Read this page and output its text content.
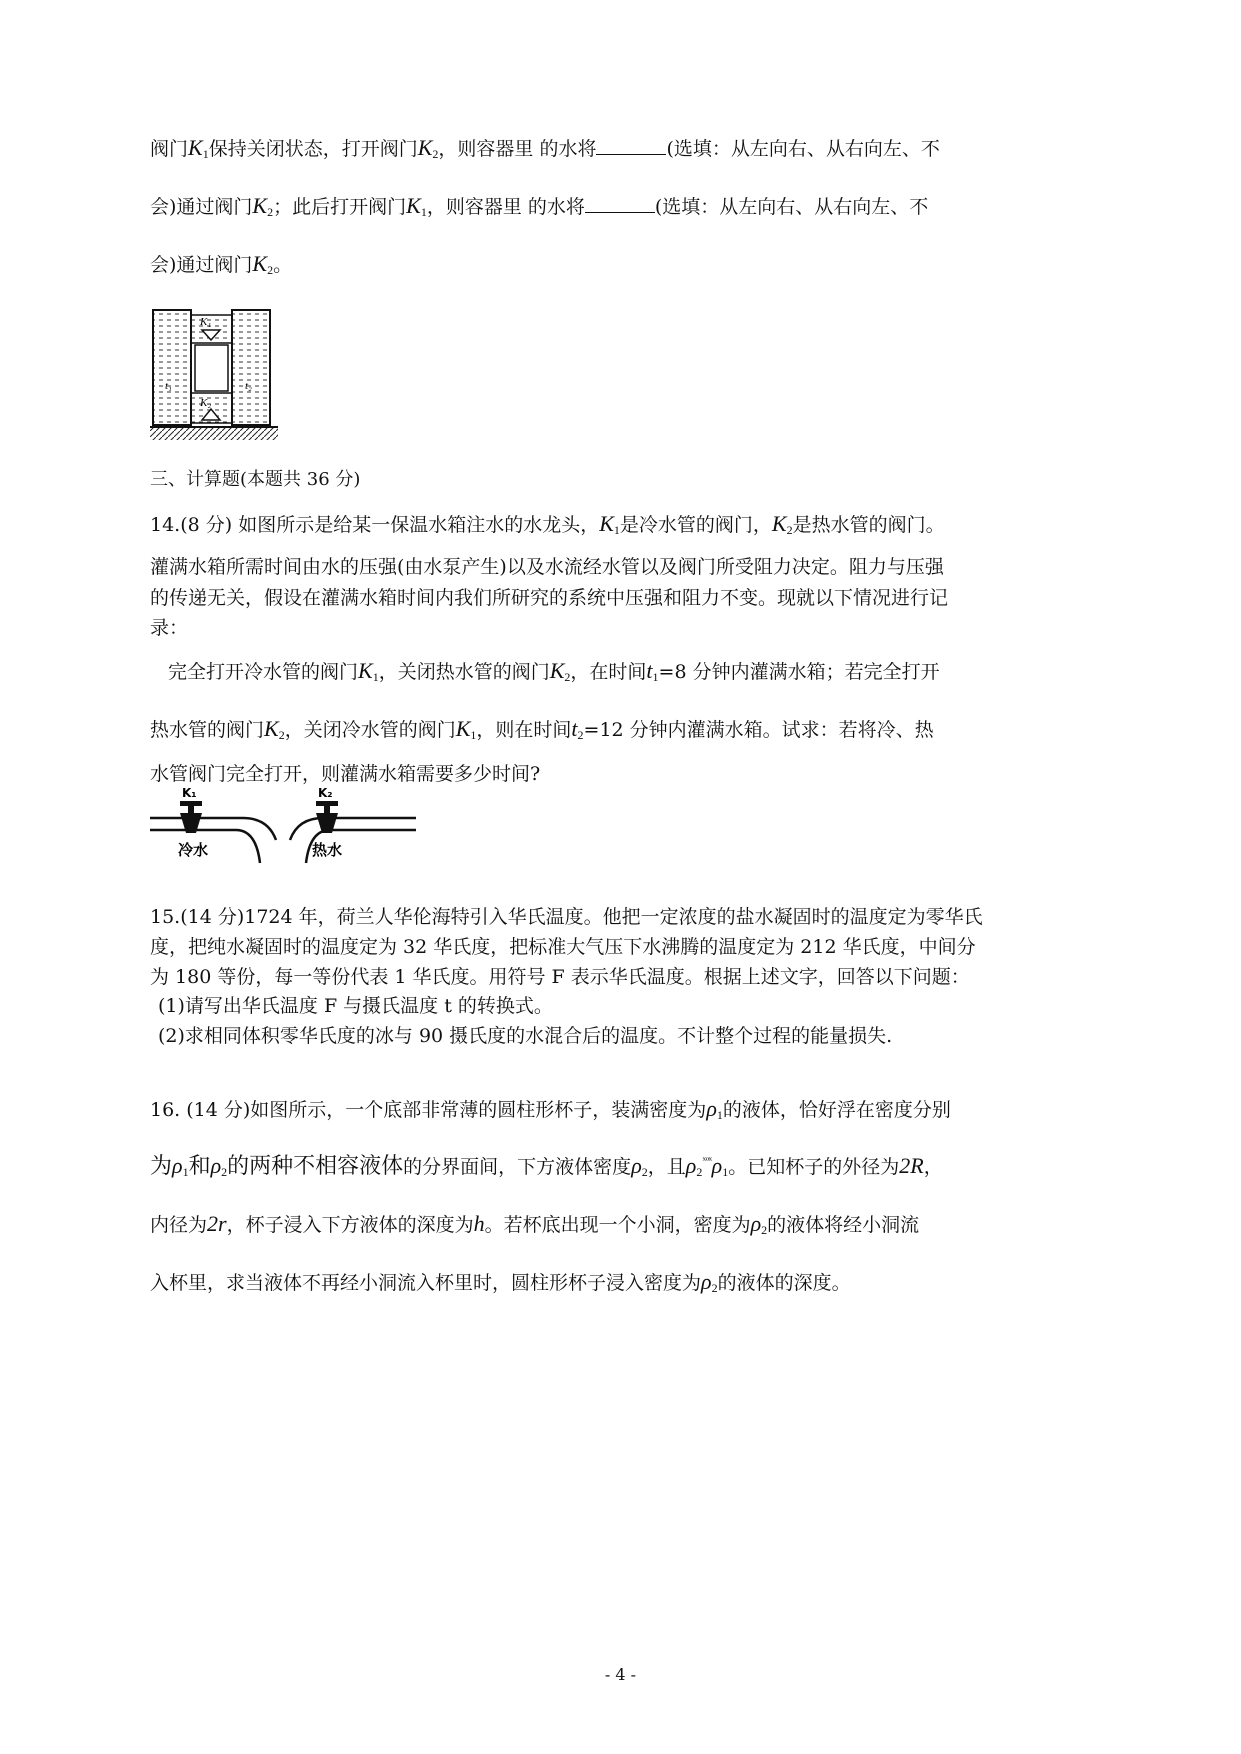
阀门$K_1$保持关闭状态，打开阀门$K_2$，则容器里 的水将	(选填：从左向右、从右向左、不
会)通过阀门$K_2$；此后打开阀门$K_1$，则容器里 的水将	(选填：从左向右、从右向左、不
会)通过阀门$K_2$。
K₁
K₂
t₁	t₂
三、计算题(本题共 36 分)
14.(8 分) 如图所示是给某一保温水箱注水的水龙头，$K_1$是冷水管的阀门，$K_2$是热水管的阀门。
灌满水箱所需时间由水的压强(由水泵产生)以及水流经水管以及阀门所受阻力决定。阻力与压强
的传递无关，假设在灌满水箱时间内我们所研究的系统中压强和阻力不变。现就以下情况进行记
录：
完全打开冷水管的阀门$K_1$，关闭热水管的阀门$K_2$，在时间$t_1=8$ 分钟内灌满水箱；若完全打开
热水管的阀门$K_2$，关闭冷水管的阀门$K_1$，则在时间$t_2=12$ 分钟内灌满水箱。试求：若将冷、热
水管阀门完全打开，则灌满水箱需要多少时间?
K₁
冷水
K₂
热水
15.(14 分)1724 年，荷兰人华伦海特引入华氏温度。他把一定浓度的盐水凝固时的温度定为零华氏
度，把纯水凝固时的温度定为 32 华氏度，把标准大气压下水沸腾的温度定为 212 华氏度，中间分
为 180 等份，每一等份代表 1 华氏度。用符号 F 表示华氏温度。根据上述文字，回答以下问题：
(1)请写出华氏温度 F 与摄氏温度 t 的转换式。
(2)求相同体积零华氏度的冰与 90 摄氏度的水混合后的温度。不计整个过程的能量损失.
16. (14 分)如图所示，一个底部非常薄的圆柱形杯子，装满密度为$\rho_1$的液体，恰好浮在密度分别
为$\rho_1$和$\rho_2$的两种不相容液体的分界面间，下方液体密度$\rho_2$，且$\rho_2^{ˣᵒˣ}\rho_1$。已知杯子的外径为2R，
内径为2r，杯子浸入下方液体的深度为h。若杯底出现一个小洞，密度为$\rho_2$的液体将经小洞流
入杯里，求当液体不再经小洞流入杯里时，圆柱形杯子浸入密度为$\rho_2$的液体的深度。
- 4 -
